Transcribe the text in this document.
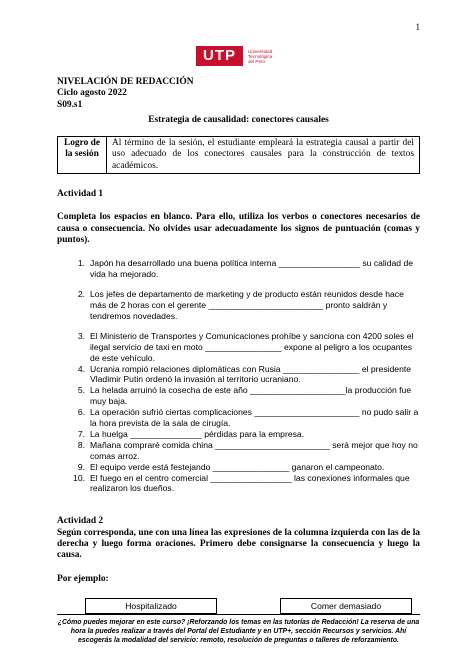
1
UTP	Universidad
Tecnológica
del Perú
NIVELACIÓN DE REDACCIÓN
Ciclo agosto 2022
S09.s1
Estrategia de causalidad: conectores causales
Logro de la sesión
Al término de la sesión, el estudiante empleará la estrategia causal a partir del uso adecuado de los conectores causales para la construcción de textos académicos.
Actividad 1
Completa los espacios en blanco. Para ello, utiliza los verbos o conectores necesarios de causa o consecuencia. No olvides usar adecuadamente los signos de puntuación (comas y puntos).
1. Japón ha desarrollado una buena política interna _________________ su calidad de vida ha mejorado.
2. Los jefes de departamento de marketing y de producto están reunidos desde hace más de 2 horas con el gerente ________________________ pronto saldrán y tendremos novedades.
3. El Ministerio de Transportes y Comunicaciones prohíbe y sanciona con 4200 soles el ilegal servicio de taxi en moto ________________ expone al peligro a los ocupantes de este vehículo.
4. Ucrania rompió relaciones diplomáticas con Rusia ________________ el presidente Vladimir Putin ordenó la invasión al territorio ucraniano.
5. La helada arruinó la cosecha de este año ____________________la producción fue muy baja.
6. La operación sufrió ciertas complicaciones ______________________ no pudo salir a la hora prevista de la sala de cirugía.
7. La huelga _______________ pérdidas para la empresa.
8. Mañana compraré comida china ________________________ será mejor que hoy no comas arroz.
9. El equipo verde está festejando ________________ ganaron el campeonato.
10. El fuego en el centro comercial _________________ las conexiones informales que realizaron los dueños.
Actividad 2
Según corresponda, une con una línea las expresiones de la columna izquierda con las de la derecha y luego forma oraciones. Primero debe consignarse la consecuencia y luego la causa.
Por ejemplo:
Hospitalizado	Comer demasiado
¿Cómo puedes mejorar en este curso? ¡Reforzando los temas en las tutorías de Redacción! La reserva de una hora la puedes realizar a través del Portal del Estudiante y en UTP+, sección Recursos y servicios. Ahí escogerás la modalidad del servicio: remoto, resolución de preguntas o talleres de reforzamiento.
